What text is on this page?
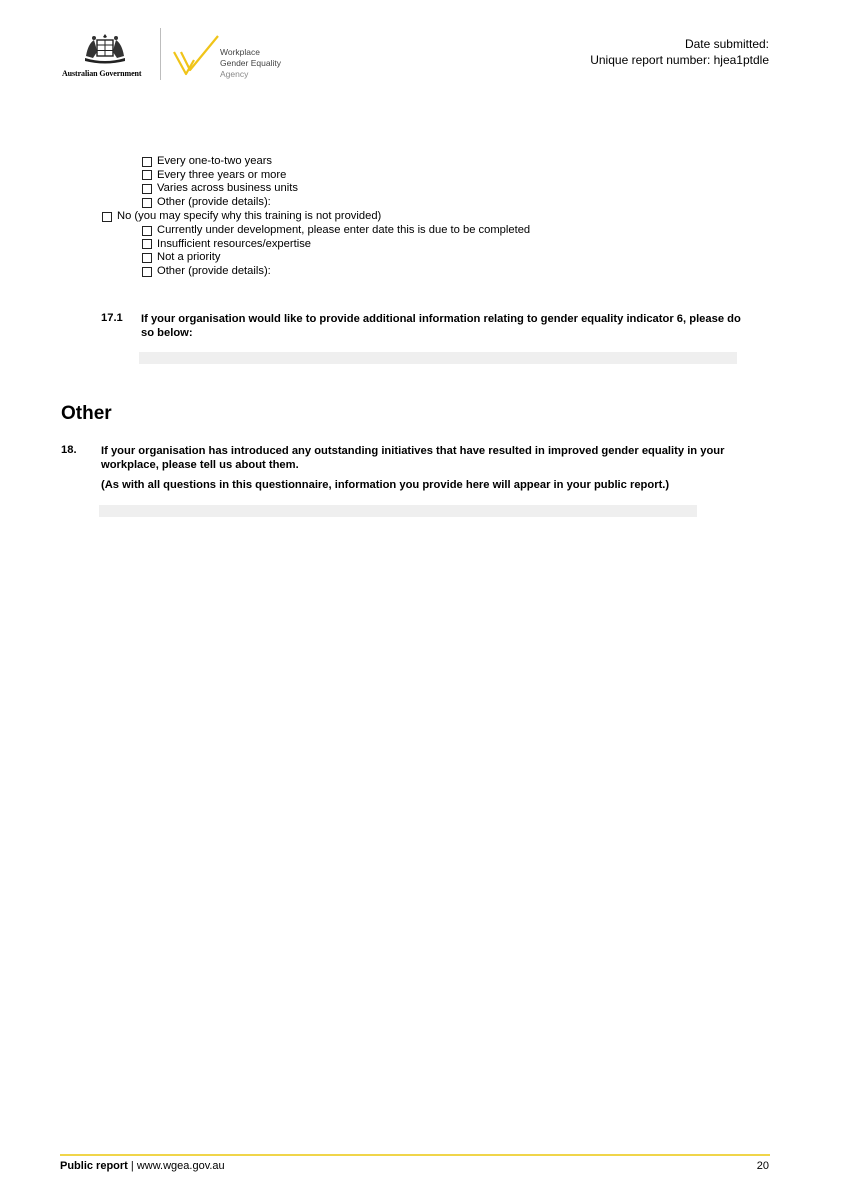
Australian Government
Workplace
Gender Equality
Agency
Date submitted:
Unique report number: hjea1ptdle
Every one-to-two years
Every three years or more
Varies across business units
Other (provide details):
No (you may specify why this training is not provided)
Currently under development, please enter date this is due to be completed
Insufficient resources/expertise
Not a priority
Other (provide details):
17.1 If your organisation would like to provide additional information relating to gender equality indicator 6, please do so below:
Other
18. If your organisation has introduced any outstanding initiatives that have resulted in improved gender equality in your workplace, please tell us about them.
(As with all questions in this questionnaire, information you provide here will appear in your public report.)
Public report | www.wgea.gov.au	20
